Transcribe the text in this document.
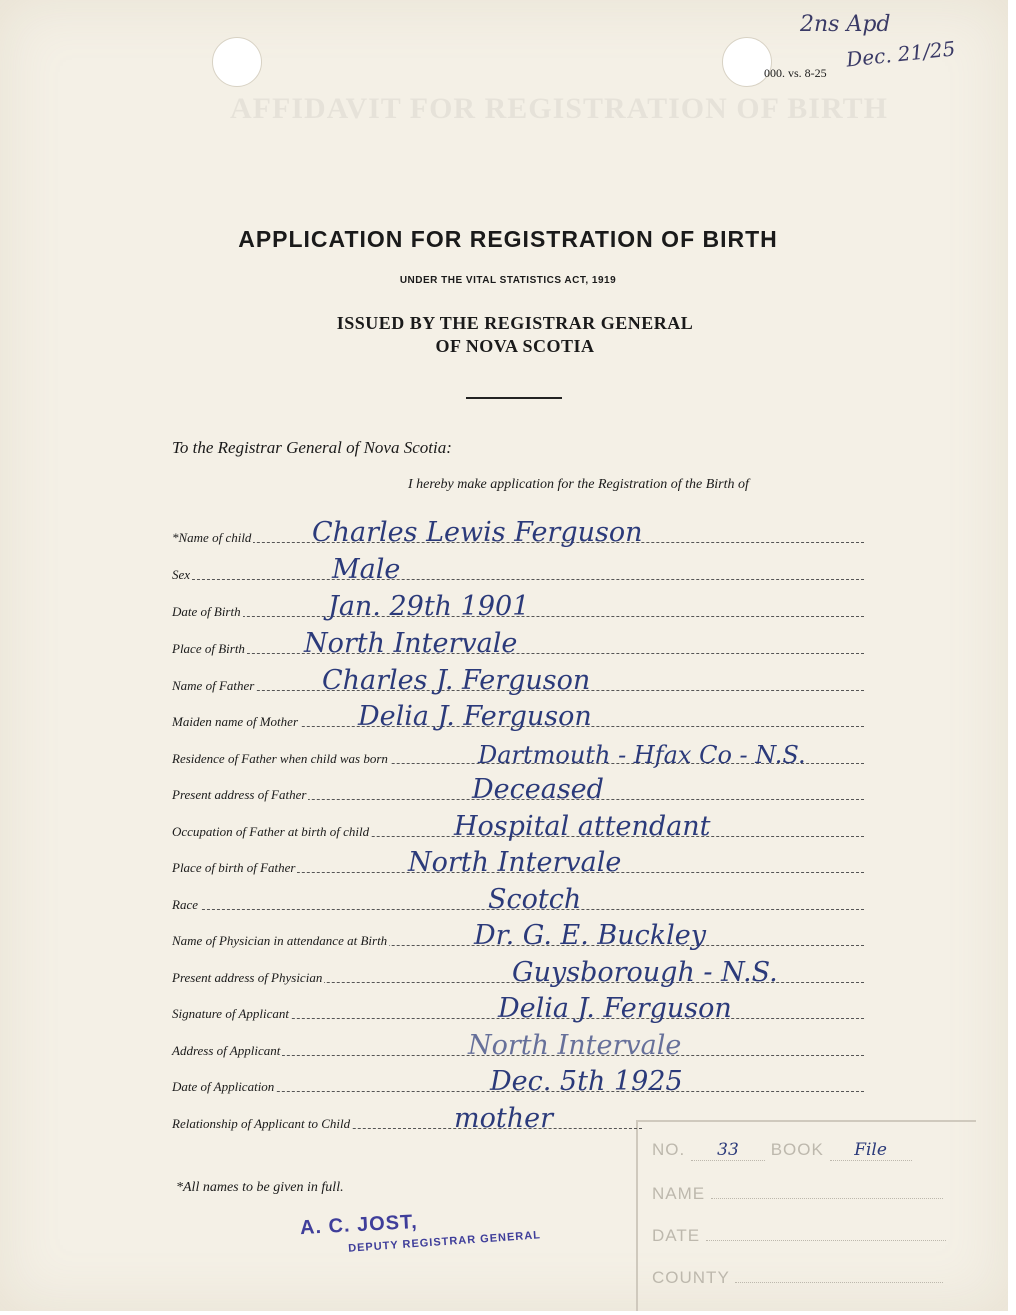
AFFIDAVIT FOR REGISTRATION OF BIRTH
2ns Apd
Dec. 21/25
000. vs. 8-25
APPLICATION FOR REGISTRATION OF BIRTH
UNDER THE VITAL STATISTICS ACT, 1919
ISSUED BY THE REGISTRAR GENERAL
OF NOVA SCOTIA
To the Registrar General of Nova Scotia:
I hereby make application for the Registration of the Birth of
*Name of child Charles Lewis Ferguson
Sex	Male
Date of Birth	Jan. 29th 1901
Place of Birth North Intervale
Name of Father	Charles J. Ferguson
Maiden name of Mother Delia J. Ferguson
Residence of Father when child was born	Dartmouth - Hfax Co - N.S.
Present address of Father	Deceased
Occupation of Father at birth of child	Hospital attendant
Place of birth of Father	North Intervale
Race	Scotch
Name of Physician in attendance at Birth	Dr. G. E. Buckley
Present address of Physician	Guysborough - N.S.
Signature of Applicant	Delia J. Ferguson
Address of Applicant	North Intervale
Date of Application	Dec. 5th 1925
Relationship of Applicant to Child	mother
*All names to be given in full.
A. C. JOST,
DEPUTY REGISTRAR GENERAL
NO. 33 BOOK File
NAME
DATE
COUNTY
